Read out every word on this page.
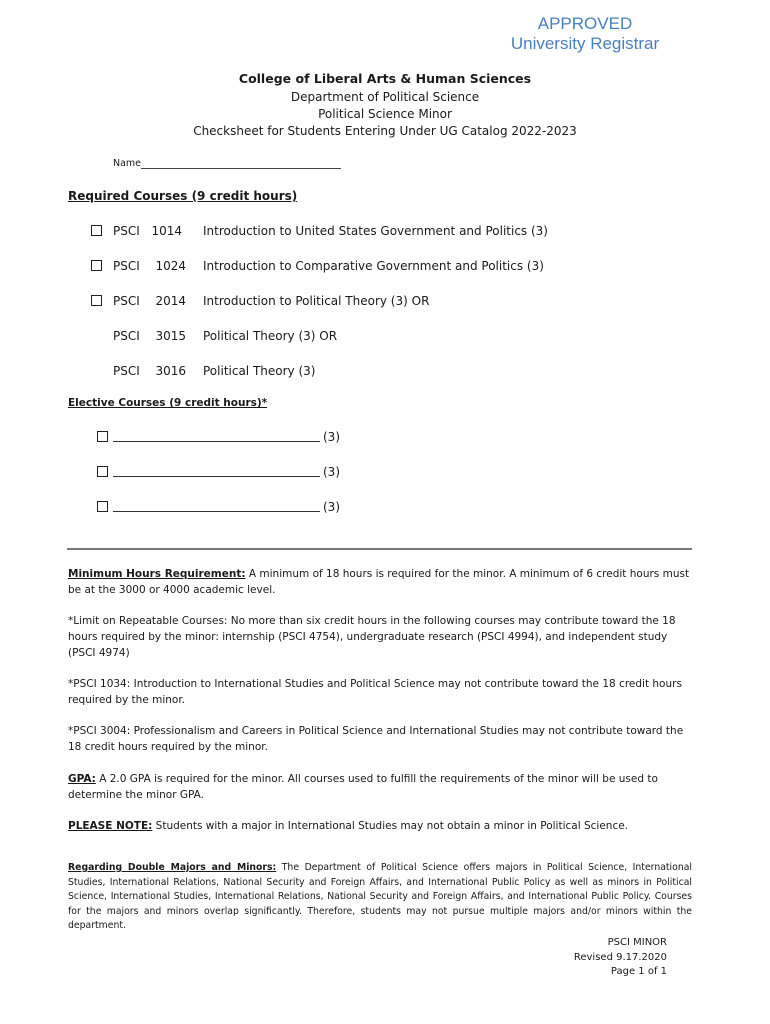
APPROVED
University Registrar
College of Liberal Arts & Human Sciences
Department of Political Science
Political Science Minor
Checksheet for Students Entering Under UG Catalog 2022-2023
Name
Required Courses (9 credit hours)
PSCI 1014 Introduction to United States Government and Politics (3)
PSCI	1024 Introduction to Comparative Government and Politics (3)
PSCI	2014 Introduction to Political Theory (3) OR
PSCI	3015 Political Theory (3) OR
PSCI	3016 Political Theory (3)
Elective Courses (9 credit hours)*
(3)
(3)
(3)
Minimum Hours Requirement: A minimum of 18 hours is required for the minor. A minimum of 6 credit hours must be at the 3000 or 4000 academic level.
*Limit on Repeatable Courses: No more than six credit hours in the following courses may contribute toward the 18 hours required by the minor: internship (PSCI 4754), undergraduate research (PSCI 4994), and independent study (PSCI 4974)
*PSCI 1034: Introduction to International Studies and Political Science may not contribute toward the 18 credit hours required by the minor.
*PSCI 3004: Professionalism and Careers in Political Science and International Studies may not contribute toward the 18 credit hours required by the minor.
GPA: A 2.0 GPA is required for the minor. All courses used to fulfill the requirements of the minor will be used to determine the minor GPA.
PLEASE NOTE: Students with a major in International Studies may not obtain a minor in Political Science.
Regarding Double Majors and Minors: The Department of Political Science offers majors in Political Science, International Studies, International Relations, National Security and Foreign Affairs, and International Public Policy as well as minors in Political Science, International Studies, International Relations, National Security and Foreign Affairs, and International Public Policy. Courses for the majors and minors overlap significantly. Therefore, students may not pursue multiple majors and/or minors within the department.
PSCI MINOR
Revised 9.17.2020
Page 1 of 1
